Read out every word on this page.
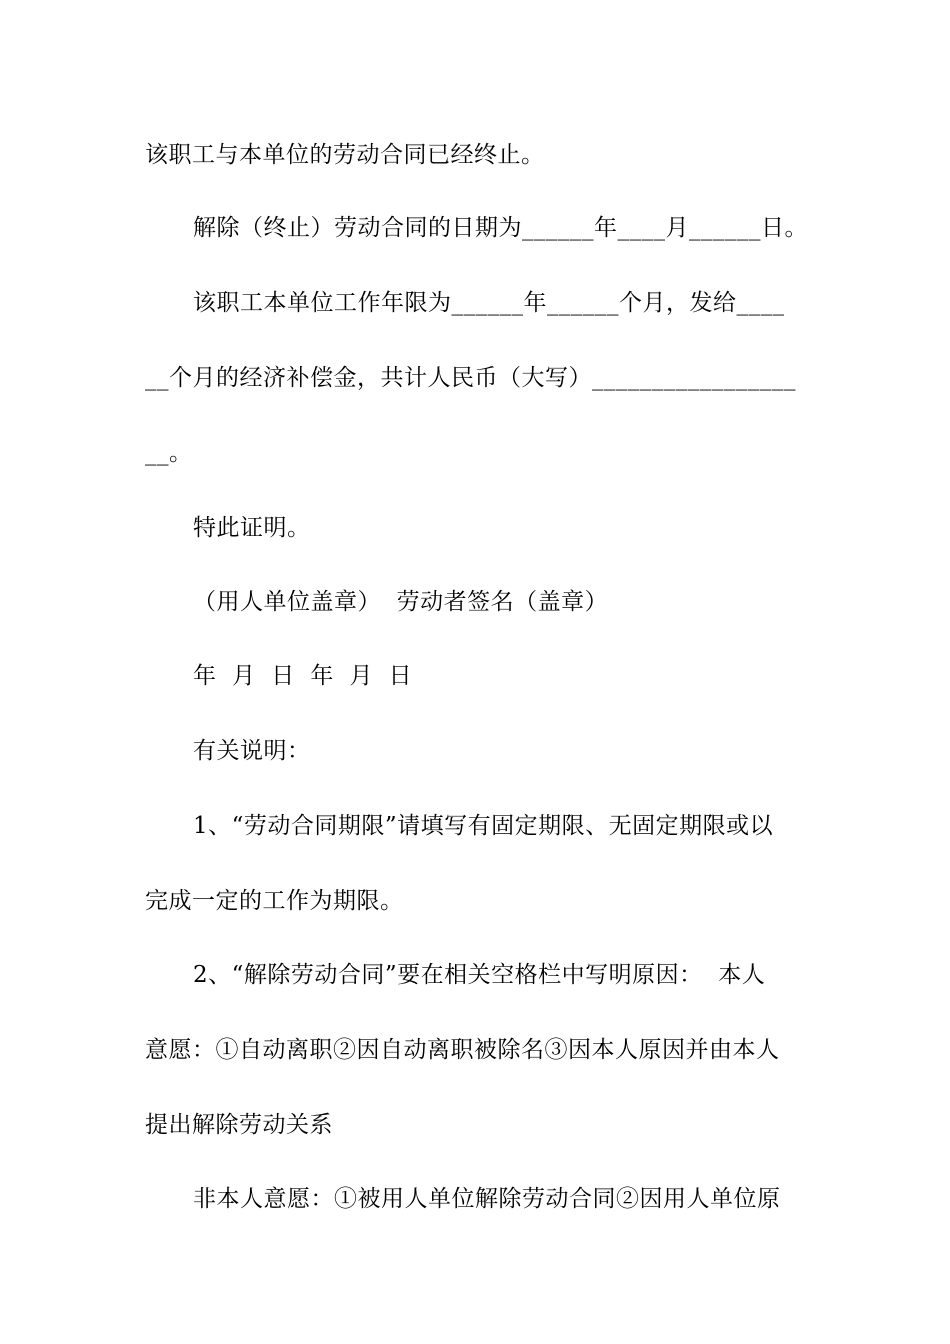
该职工与本单位的劳动合同已经终止。
解除（终止）劳动合同的日期为______年____月______日。
该职工本单位工作年限为______年______个月，发给____
__个月的经济补偿金，共计人民币（大写）_________________
__。
特此证明。
（用人单位盖章）  劳动者签名（盖章）
年  月  日  年  月  日
有关说明：
1、“劳动合同期限”请填写有固定期限、无固定期限或以
完成一定的工作为期限。
2、“解除劳动合同”要在相关空格栏中写明原因：  本人
意愿：①自动离职②因自动离职被除名③因本人原因并由本人
提出解除劳动关系
非本人意愿：①被用人单位解除劳动合同②因用人单位原
